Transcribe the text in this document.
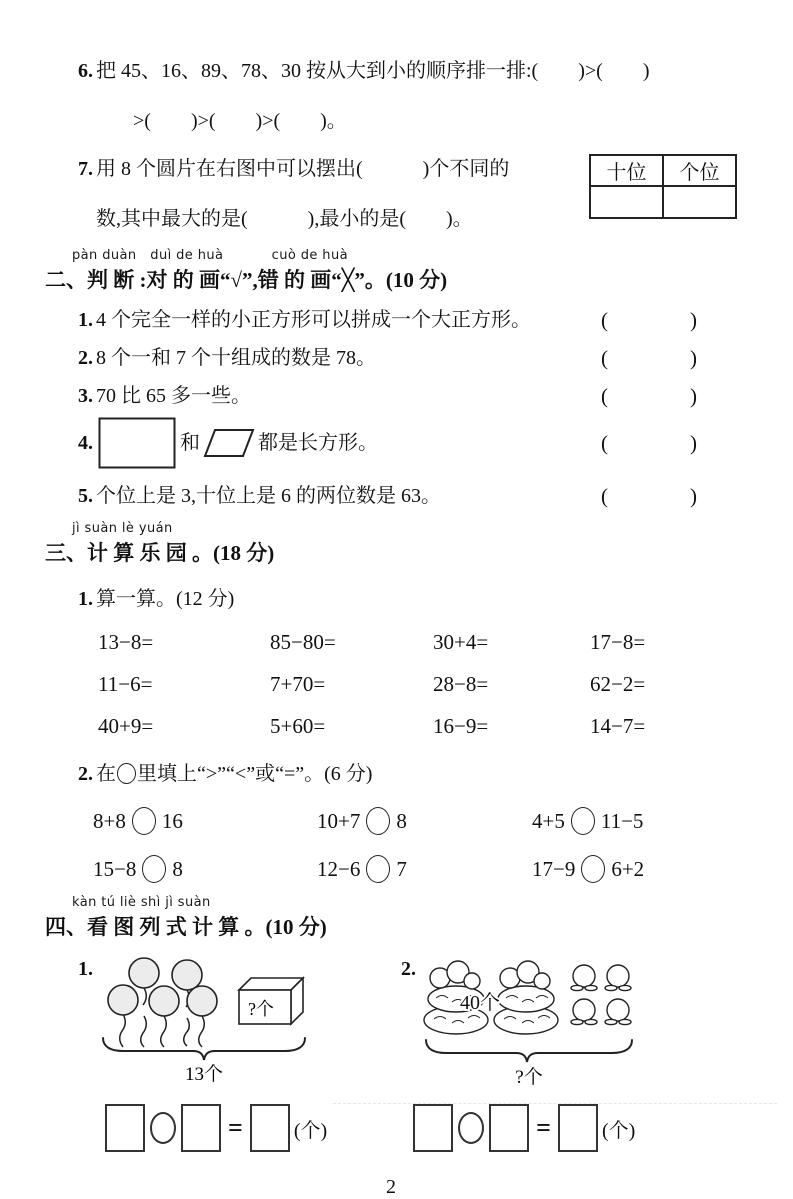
6. 把 45、16、89、78、30 按从大到小的顺序排一排:(    )>(    )

>(    )>(    )>(    )。

7. 用 8 个圆片在右图中可以摆出(      )个不同的

数,其中最大的是(      ),最小的是(    )。

十位	个位

pàn duàn  duì de huà       cuò de huà

二、判 断 :对 的 画“√”,错 的 画“╳”。(10 分)
1. 4 个完全一样的小正方形可以拼成一个大正方形。	(	)
2. 8 个一和 7 个十组成的数是 78。	(	)
3. 70 比 65 多一些。	(	)
4.	和	都是长方形。	(	)
5. 个位上是 3,十位上是 6 的两位数是 63。	(	)

jì suàn lè yuán

三、计 算 乐 园 。(18 分)

1. 算一算。(12 分)

13−8=	85−80=	30+4=	17−8=
11−6=	7+70=	28−8=	62−2=
40+9=	5+60=	16−9=	14−7=

2. 在 里填上“>”“<”或“=”。(6 分)

8+8 16	10+7 8	4+5 11−5
15−8 8	12−6 7	17−9 6+2

kàn tú liè shì jì suàn

四、看 图 列 式 计 算 。(10 分)
1.
?个
13个
2.
40个
?个
=	(个)	=	(个)
2
